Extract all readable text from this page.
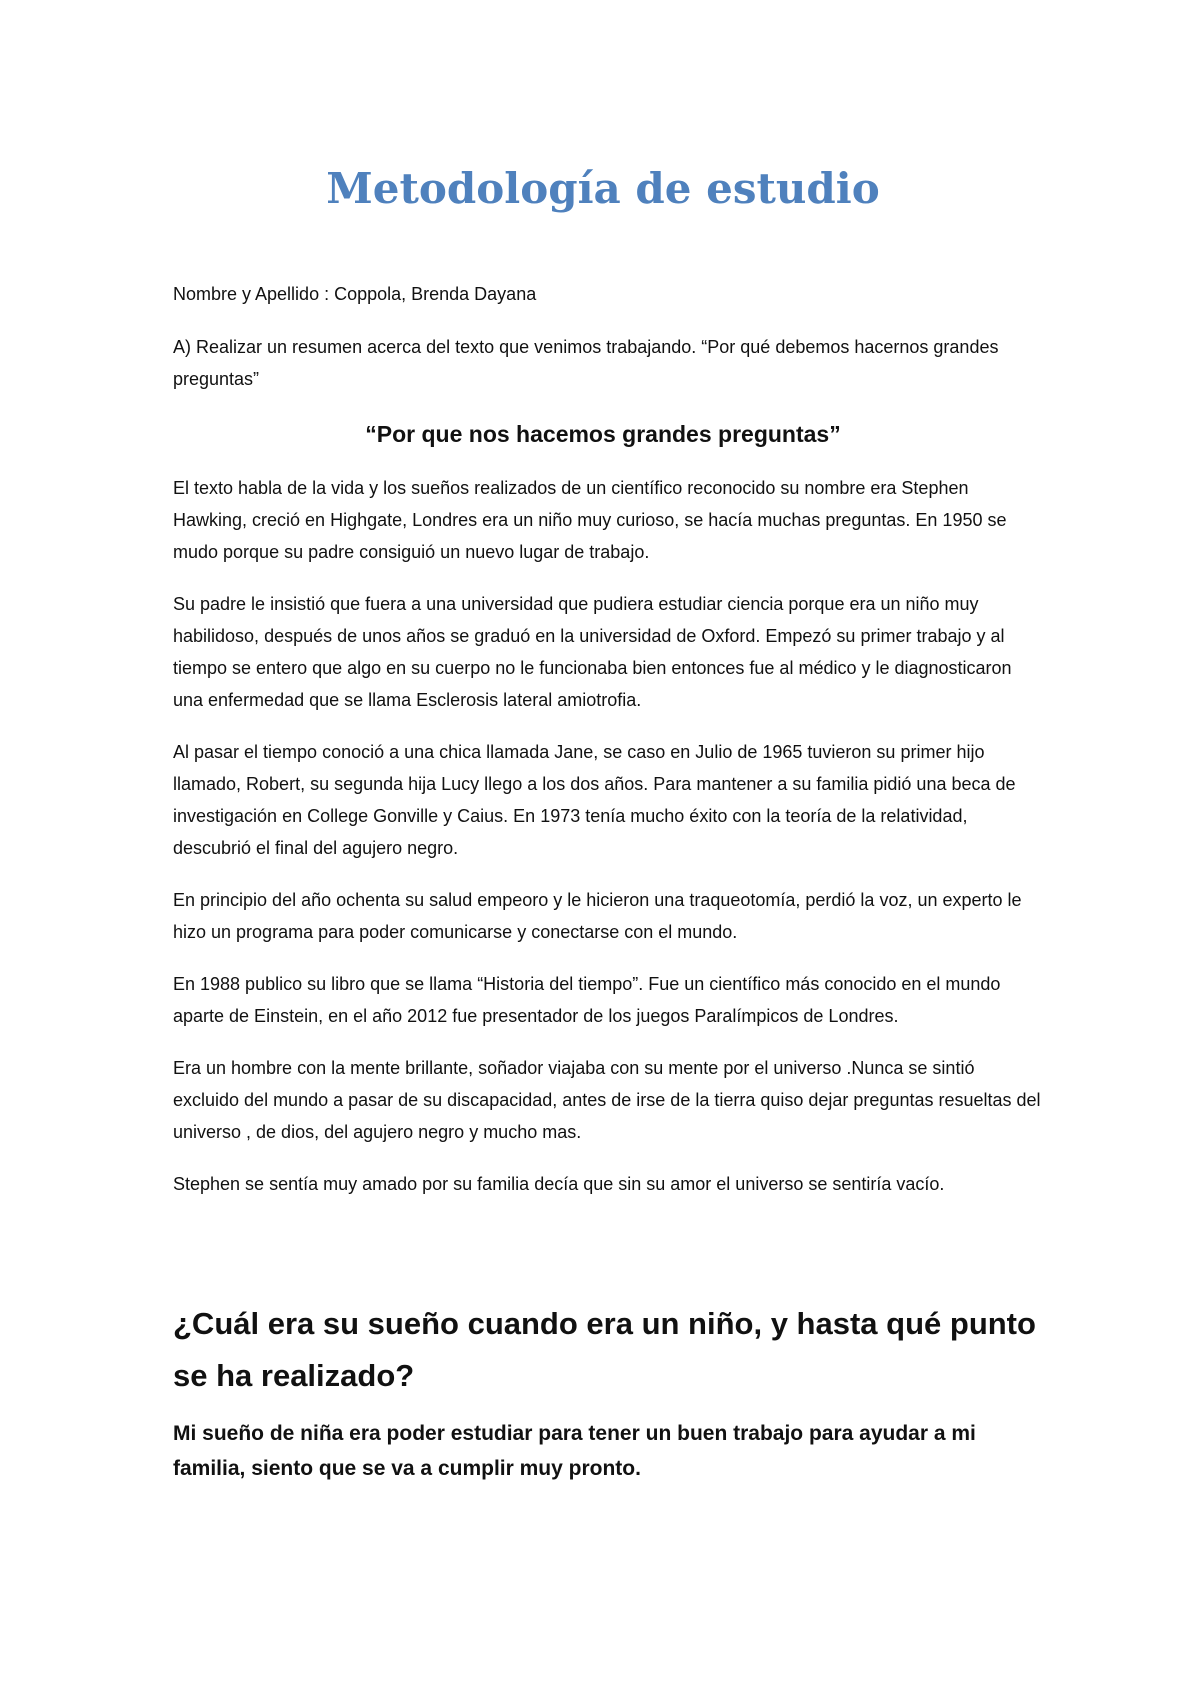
Metodología de estudio

Nombre y Apellido : Coppola, Brenda Dayana

A) Realizar un resumen acerca del texto que venimos trabajando. “Por qué debemos hacernos grandes preguntas”

“Por que nos hacemos grandes preguntas”

El texto habla de la vida y los sueños realizados de un científico reconocido su nombre era Stephen Hawking, creció en Highgate, Londres era un niño muy curioso, se hacía muchas preguntas. En 1950 se mudo porque su padre consiguió un nuevo lugar de trabajo.

Su padre le insistió que fuera a una universidad que pudiera estudiar ciencia porque era un niño muy habilidoso, después de unos años se graduó en la universidad de Oxford. Empezó su primer trabajo y al tiempo se entero que algo en su cuerpo no le funcionaba bien entonces fue al médico y le diagnosticaron una enfermedad que se llama Esclerosis lateral amiotrofia.

Al pasar el tiempo conoció a una chica llamada Jane, se caso en Julio de 1965 tuvieron su primer hijo llamado, Robert, su segunda hija Lucy llego a los dos años. Para mantener a su familia pidió una beca de investigación en College Gonville y Caius. En 1973 tenía mucho éxito con la teoría de la relatividad, descubrió el final del agujero negro.

En principio del año ochenta su salud empeoro y le hicieron una traqueotomía, perdió la voz, un experto le hizo un programa para poder comunicarse y conectarse con el mundo.

En 1988 publico su libro que se llama “Historia del tiempo”. Fue un científico más conocido en el mundo aparte de Einstein, en el año 2012 fue presentador de los juegos Paralímpicos de Londres.

Era un hombre con la mente brillante, soñador viajaba con su mente por el universo .Nunca se sintió excluido del mundo a pasar de su discapacidad, antes de irse de la tierra quiso dejar preguntas resueltas del universo , de dios, del agujero negro y mucho mas.

Stephen se sentía muy amado por su familia decía que sin su amor el universo se sentiría vacío.

¿Cuál era su sueño cuando era un niño, y hasta qué punto se ha realizado?

Mi sueño de niña era poder estudiar para tener un buen trabajo para ayudar a mi familia, siento que se va a cumplir muy pronto.
